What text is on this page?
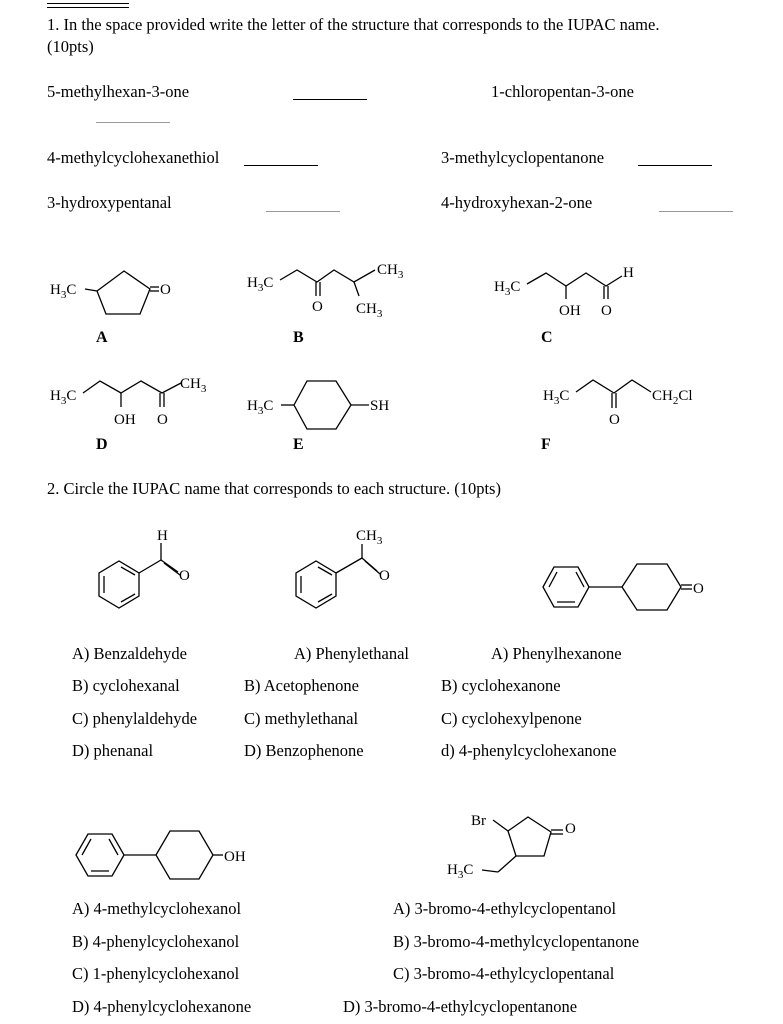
1. In the space provided write the letter of the structure that corresponds to the IUPAC name.
(10pts)
5-methylhexan-3-one	1-chloropentan-3-one
4-methylcyclohexanethiol	3-methylcyclopentanone
3-hydroxypentanal	4-hydroxyhexan-2-one
$H_3C$	O	$H_3C$
O
$CH_3$
$CH_3$
$H_3C$
H
OH O
$H_3C$
$CH_3$
OH O
$H_3C$	SH
$H_3C$
O
$CH_2Cl$
H
O
$CH_3$
O
O
OH
Br	O
$H_3C$
A	B	C
D	E	F
2. Circle the IUPAC name that corresponds to each structure. (10pts)
A) Benzaldehyde
B) cyclohexanal
C) phenylaldehyde
D) phenanal
A) Phenylethanal
B) Acetophenone
C) methylethanal
D) Benzophenone
A) Phenylhexanone
B) cyclohexanone
C) cyclohexylpenone
d) 4-phenylcyclohexanone
A) 4-methylcyclohexanol
B) 4-phenylcyclohexanol
C) 1-phenylcyclohexanol
D) 4-phenylcyclohexanone
A) 3-bromo-4-ethylcyclopentanol
B) 3-bromo-4-methylcyclopentanone
C) 3-bromo-4-ethylcyclopentanal
D) 3-bromo-4-ethylcyclopentanone
